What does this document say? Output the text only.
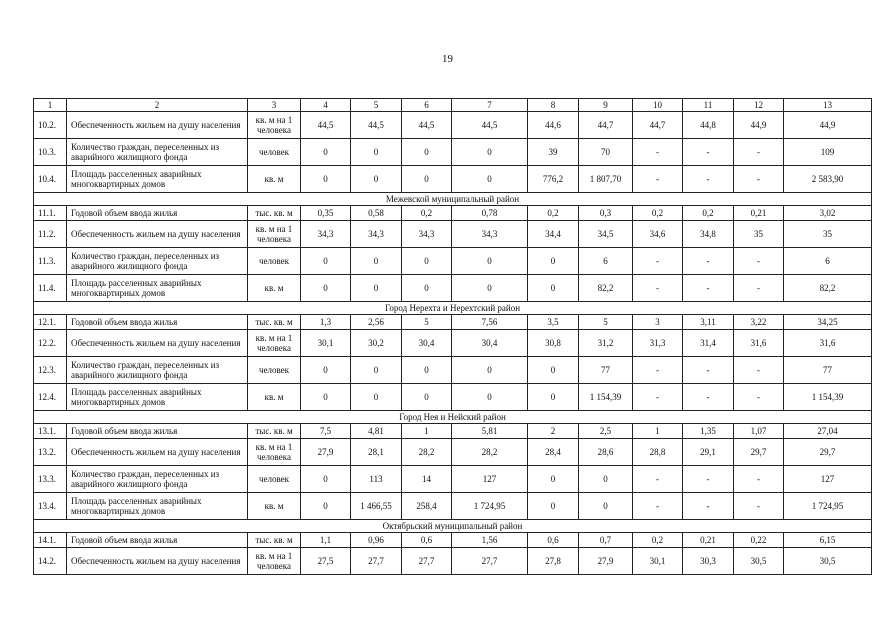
19
1	2	3	4	5	6	7	8	9	10	11	12	13
10.2.	Обеспеченность жильем на душу населения	кв. м на 1 человека	44,5	44,5	44,5	44,5	44,6	44,7	44,7	44,8	44,9	44,9
10.3.	Количество граждан, переселенных из аварийного жилищного фонда	человек	0	0	0	0	39	70	-	-	-	109
10.4.	Площадь расселенных аварийных многоквартирных домов	кв. м	0	0	0	0	776,2	1 807,70	-	-	-	2 583,90
Межевской муниципальный район												
11.1.	Годовой объем ввода жилья	тыс. кв. м	0,35	0,58	0,2	0,78	0,2	0,3	0,2	0,2	0,21	3,02
11.2.	Обеспеченность жильем на душу населения	кв. м на 1 человека	34,3	34,3	34,3	34,3	34,4	34,5	34,6	34,8	35	35
11.3.	Количество граждан, переселенных из аварийного жилищного фонда	человек	0	0	0	0	0	6	-	-	-	6
11.4.	Площадь расселенных аварийных многоквартирных домов	кв. м	0	0	0	0	0	82,2	-	-	-	82,2
Город Нерехта и Нерехтский район												
12.1.	Годовой объем ввода жилья	тыс. кв. м	1,3	2,56	5	7,56	3,5	5	3	3,11	3,22	34,25
12.2.	Обеспеченность жильем на душу населения	кв. м на 1 человека	30,1	30,2	30,4	30,4	30,8	31,2	31,3	31,4	31,6	31,6
12.3.	Количество граждан, переселенных из аварийного жилищного фонда	человек	0	0	0	0	0	77	-	-	-	77
12.4.	Площадь расселенных аварийных многоквартирных домов	кв. м	0	0	0	0	0	1 154,39	-	-	-	1 154,39
Город Нея и Нейский район												
13.1.	Годовой объем ввода жилья	тыс. кв. м	7,5	4,81	1	5,81	2	2,5	1	1,35	1,07	27,04
13.2.	Обеспеченность жильем на душу населения	кв. м на 1 человека	27,9	28,1	28,2	28,2	28,4	28,6	28,8	29,1	29,7	29,7
13.3.	Количество граждан, переселенных из аварийного жилищного фонда	человек	0	113	14	127	0	0	-	-	-	127
13.4.	Площадь расселенных аварийных многоквартирных домов	кв. м	0	1 466,55	258,4	1 724,95	0	0	-	-	-	1 724,95
Октябрьский муниципальный район												
14.1.	Годовой объем ввода жилья	тыс. кв. м	1,1	0,96	0,6	1,56	0,6	0,7	0,2	0,21	0,22	6,15
14.2.	Обеспеченность жильем на душу населения	кв. м на 1 человека	27,5	27,7	27,7	27,7	27,8	27,9	30,1	30,3	30,5	30,5
